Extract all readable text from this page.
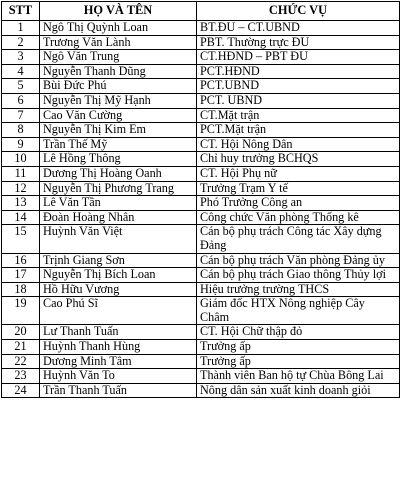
STT	HỌ VÀ TÊN	CHỨC VỤ
1	Ngô Thị Quỳnh Loan	BT.ĐU – CT.UBND
2	Trương Văn Lành	PBT. Thường trực ĐU
3	Ngô Văn Trung	CT.HĐND – PBT ĐU
4	Nguyễn Thanh Dũng	PCT.HĐND
5	Bùi Đức Phú	PCT.UBND
6	Nguyễn Thị Mỹ Hạnh	PCT. UBND
7	Cao Văn Cường	CT.Mặt trận
8	Nguyễn Thị Kim Em	PCT.Mặt trận
9	Trần Thế Mỹ	CT. Hội Nông Dân
10	Lê Hồng Thông	Chỉ huy trưởng BCHQS
11	Dương Thị Hoàng Oanh	CT. Hội Phụ nữ
12	Nguyễn Thị Phương Trang	Trưởng Trạm Y tế
13	Lê Văn Tần	Phó Trưởng Công an
14	Đoàn Hoàng Nhân	Công chức Văn phòng Thống kê
15	Huỳnh Văn Việt	Cán bộ phụ trách Công tác Xây dựng Đảng
16	Trịnh Giang Sơn	Cán bộ phụ trách Văn phòng Đảng ủy
17	Nguyễn Thị Bích Loan	Cán bộ phụ trách Giao thông Thủy lợi
18	Hồ Hữu Vương	Hiệu trưởng trường THCS
19	Cao Phú Sĩ	Giám đốc HTX Nông nghiệp Cây Châm
20	Lư Thanh Tuấn	CT. Hội Chữ thập đỏ
21	Huỳnh Thanh Hùng	Trưởng ấp
22	Dương Minh Tâm	Trưởng ấp
23	Huỳnh Văn To	Thành viên Ban hộ tự Chùa Bông Lai
24	Trần Thanh Tuấn	Nông dân sản xuất kinh doanh giỏi
